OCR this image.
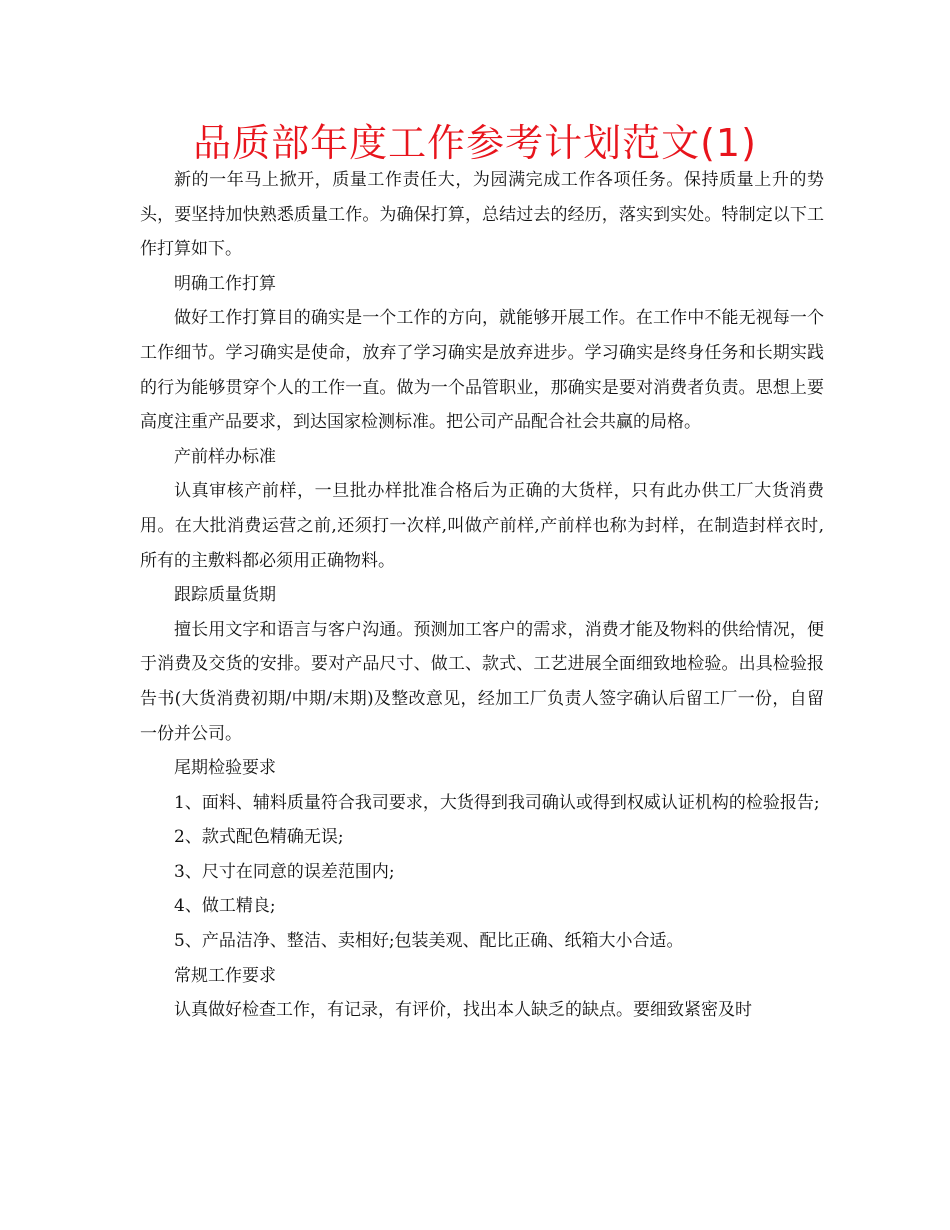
品质部年度工作参考计划范文(1)

新的一年马上掀开，质量工作责任大，为园满完成工作各项任务。保持质量上升的势头，要坚持加快熟悉质量工作。为确保打算，总结过去的经历，落实到实处。特制定以下工作打算如下。

明确工作打算

做好工作打算目的确实是一个工作的方向，就能够开展工作。在工作中不能无视每一个工作细节。学习确实是使命，放弃了学习确实是放弃进步。学习确实是终身任务和长期实践的行为能够贯穿个人的工作一直。做为一个品管职业，那确实是要对消费者负责。思想上要高度注重产品要求，到达国家检测标准。把公司产品配合社会共赢的局格。

产前样办标准

认真审核产前样，一旦批办样批准合格后为正确的大货样，只有此办供工厂大货消费用。在大批消费运营之前,还须打一次样,叫做产前样,产前样也称为封样，在制造封样衣时,所有的主敷料都必须用正确物料。

跟踪质量货期

擅长用文字和语言与客户沟通。预测加工客户的需求，消费才能及物料的供给情况，便于消费及交货的安排。要对产品尺寸、做工、款式、工艺进展全面细致地检验。出具检验报告书(大货消费初期/中期/末期)及整改意见，经加工厂负责人签字确认后留工厂一份，自留一份并公司。

尾期检验要求

1、面料、辅料质量符合我司要求，大货得到我司确认或得到权威认证机构的检验报告;

2、款式配色精确无误;

3、尺寸在同意的误差范围内;

4、做工精良;

5、产品洁净、整洁、卖相好;包装美观、配比正确、纸箱大小合适。

常规工作要求

认真做好检查工作，有记录，有评价，找出本人缺乏的缺点。要细致紧密及时
